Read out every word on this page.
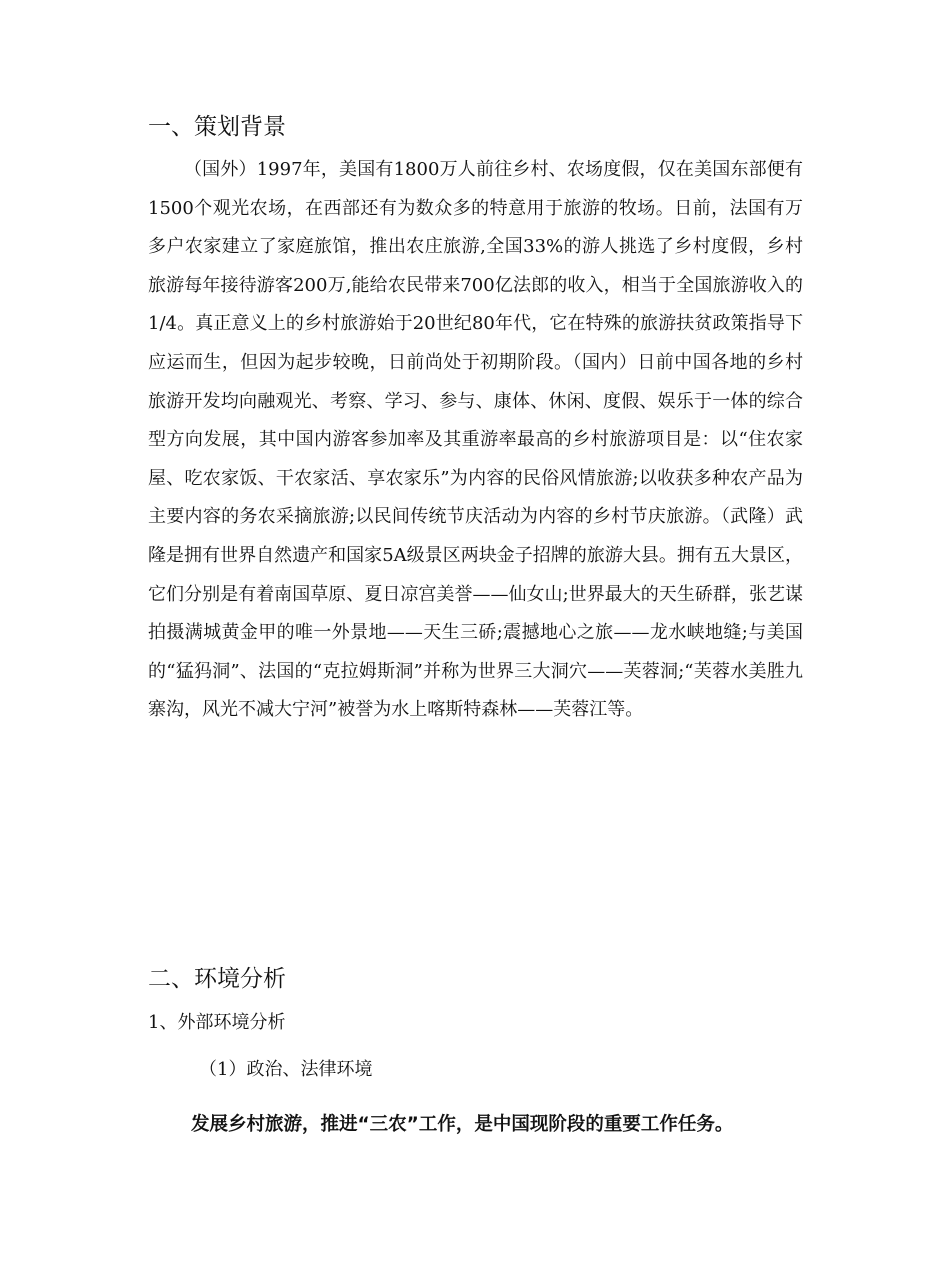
一、策划背景

（国外）1997年，美国有1800万人前往乡村、农场度假，仅在美国东部便有1500个观光农场，在西部还有为数众多的特意用于旅游的牧场。日前，法国有万多户农家建立了家庭旅馆，推出农庄旅游,全国33%的游人挑选了乡村度假，乡村旅游每年接待游客200万,能给农民带来700亿法郎的收入，相当于全国旅游收入的1/4。真正意义上的乡村旅游始于20世纪80年代，它在特殊的旅游扶贫政策指导下应运而生，但因为起步较晚，日前尚处于初期阶段。（国内）日前中国各地的乡村旅游开发均向融观光、考察、学习、参与、康体、休闲、度假、娱乐于一体的综合型方向发展，其中国内游客参加率及其重游率最高的乡村旅游项目是：以“住农家屋、吃农家饭、干农家活、享农家乐”为内容的民俗风情旅游;以收获多种农产品为主要内容的务农采摘旅游;以民间传统节庆活动为内容的乡村节庆旅游。（武隆）武隆是拥有世界自然遗产和国家5A级景区两块金子招牌的旅游大县。拥有五大景区，它们分别是有着南国草原、夏日凉宫美誉——仙女山;世界最大的天生硚群，张艺谋拍摄满城黄金甲的唯一外景地——天生三硚;震撼地心之旅——龙水峡地缝;与美国的“猛犸洞”、法国的“克拉姆斯洞”并称为世界三大洞穴——芙蓉洞;“芙蓉水美胜九寨沟，风光不减大宁河”被誉为水上喀斯特森林——芙蓉江等。

二、环境分析
1、外部环境分析
（1）政治、法律环境
发展乡村旅游，推进“三农”工作，是中国现阶段的重要工作任务。
